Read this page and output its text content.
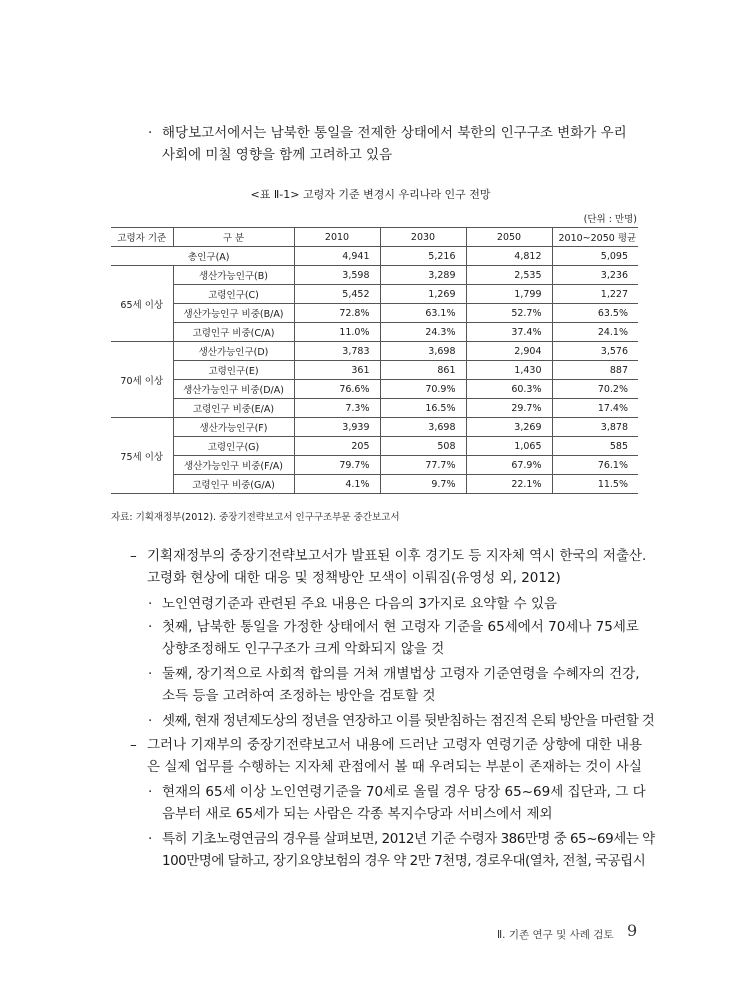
· 해당보고서에서는 남북한 통일을 전제한 상태에서 북한의 인구구조 변화가 우리
사회에 미칠 영향을 함께 고려하고 있음
<표 Ⅱ-1> 고령자 기준 변경시 우리나라 인구 전망
(단위 : 만명)
고령자 기준	구 분	2010	2030	2050	2010~2050 평균
총인구(A)		4,941	5,216	4,812	5,095
65세 이상	생산가능인구(B)	3,598	3,289	2,535	3,236
	고령인구(C)	5,452	1,269	1,799	1,227
	생산가능인구 비중(B/A)	72.8%	63.1%	52.7%	63.5%
	고령인구 비중(C/A)	11.0%	24.3%	37.4%	24.1%
70세 이상	생산가능인구(D)	3,783	3,698	2,904	3,576
	고령인구(E)	361	861	1,430	887
	생산가능인구 비중(D/A)	76.6%	70.9%	60.3%	70.2%
	고령인구 비중(E/A)	7.3%	16.5%	29.7%	17.4%
75세 이상	생산가능인구(F)	3,939	3,698	3,269	3,878
	고령인구(G)	205	508	1,065	585
	생산가능인구 비중(F/A)	79.7%	77.7%	67.9%	76.1%
	고령인구 비중(G/A)	4.1%	9.7%	22.1%	11.5%
자료: 기획재정부(2012). 중장기전략보고서 인구구조부문 중간보고서
– 기획재정부의 중장기전략보고서가 발표된 이후 경기도 등 지자체 역시 한국의 저출산.
고령화 현상에 대한 대응 및 정책방안 모색이 이뤄짐(유영성 외, 2012)
· 노인연령기준과 관련된 주요 내용은 다음의 3가지로 요약할 수 있음
· 첫째, 남북한 통일을 가정한 상태에서 현 고령자 기준을 65세에서 70세나 75세로
상향조정해도 인구구조가 크게 악화되지 않을 것
· 둘째, 장기적으로 사회적 합의를 거쳐 개별법상 고령자 기준연령을 수혜자의 건강,
소득 등을 고려하여 조정하는 방안을 검토할 것
· 셋째, 현재 정년제도상의 정년을 연장하고 이를 뒷받침하는 점진적 은퇴 방안을 마련할 것
– 그러나 기재부의 중장기전략보고서 내용에 드러난 고령자 연령기준 상향에 대한 내용
은 실제 업무를 수행하는 지자체 관점에서 볼 때 우려되는 부분이 존재하는 것이 사실
· 현재의 65세 이상 노인연령기준을 70세로 올릴 경우 당장 65~69세 집단과, 그 다
음부터 새로 65세가 되는 사람은 각종 복지수당과 서비스에서 제외
· 특히 기초노령연금의 경우를 살펴보면, 2012년 기준 수령자 386만명 중 65~69세는 약
100만명에 달하고, 장기요양보험의 경우 약 2만 7천명, 경로우대(열차, 전철, 국공립시
Ⅱ. 기존 연구 및 사례 검토 9
